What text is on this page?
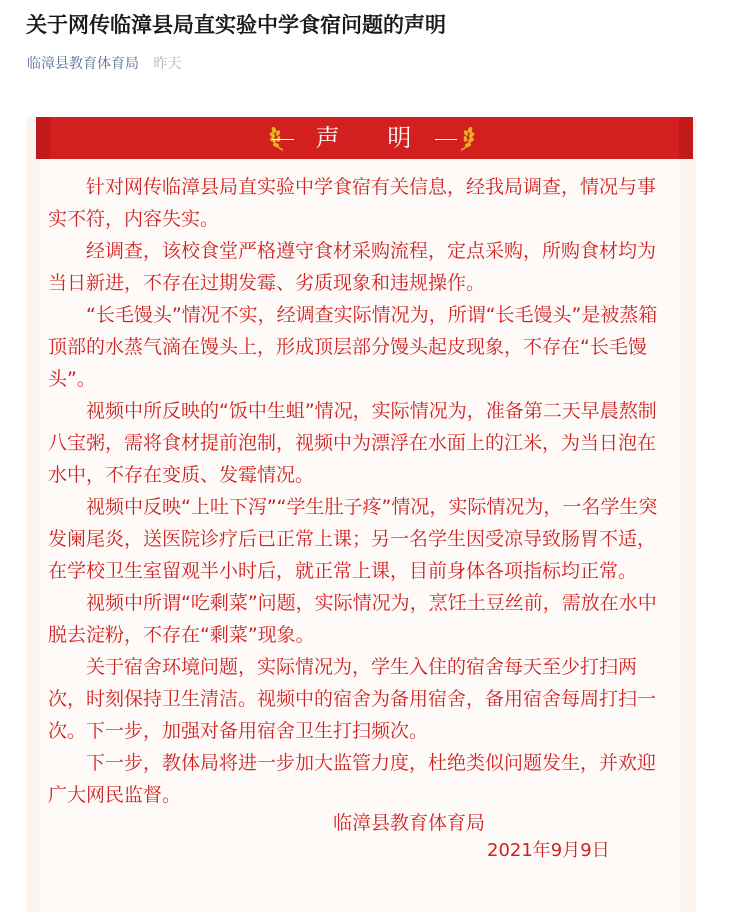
关于网传临漳县局直实验中学食宿问题的声明
临漳县教育体育局 昨天
声 明

针对网传临漳县局直实验中学食宿有关信息，经我局调查，情况与事实不符，内容失实。

经调查，该校食堂严格遵守食材采购流程，定点采购，所购食材均为当日新进，不存在过期发霉、劣质现象和违规操作。

“长毛馒头”情况不实，经调查实际情况为，所谓“长毛馒头”是被蒸箱顶部的水蒸气滴在馒头上，形成顶层部分馒头起皮现象，不存在“长毛馒头”。

视频中所反映的“饭中生蛆”情况，实际情况为，准备第二天早晨熬制八宝粥，需将食材提前泡制，视频中为漂浮在水面上的江米，为当日泡在水中，不存在变质、发霉情况。

视频中反映“上吐下泻”“学生肚子疼”情况，实际情况为，一名学生突发阑尾炎，送医院诊疗后已正常上课；另一名学生因受凉导致肠胃不适，在学校卫生室留观半小时后，就正常上课，目前身体各项指标均正常。

视频中所谓“吃剩菜”问题，实际情况为，烹饪土豆丝前，需放在水中脱去淀粉，不存在“剩菜”现象。

关于宿舍环境问题，实际情况为，学生入住的宿舍每天至少打扫两次，时刻保持卫生清洁。视频中的宿舍为备用宿舍，备用宿舍每周打扫一次。下一步，加强对备用宿舍卫生打扫频次。

下一步，教体局将进一步加大监管力度，杜绝类似问题发生，并欢迎广大网民监督。

临漳县教育体育局
2021年9月9日
